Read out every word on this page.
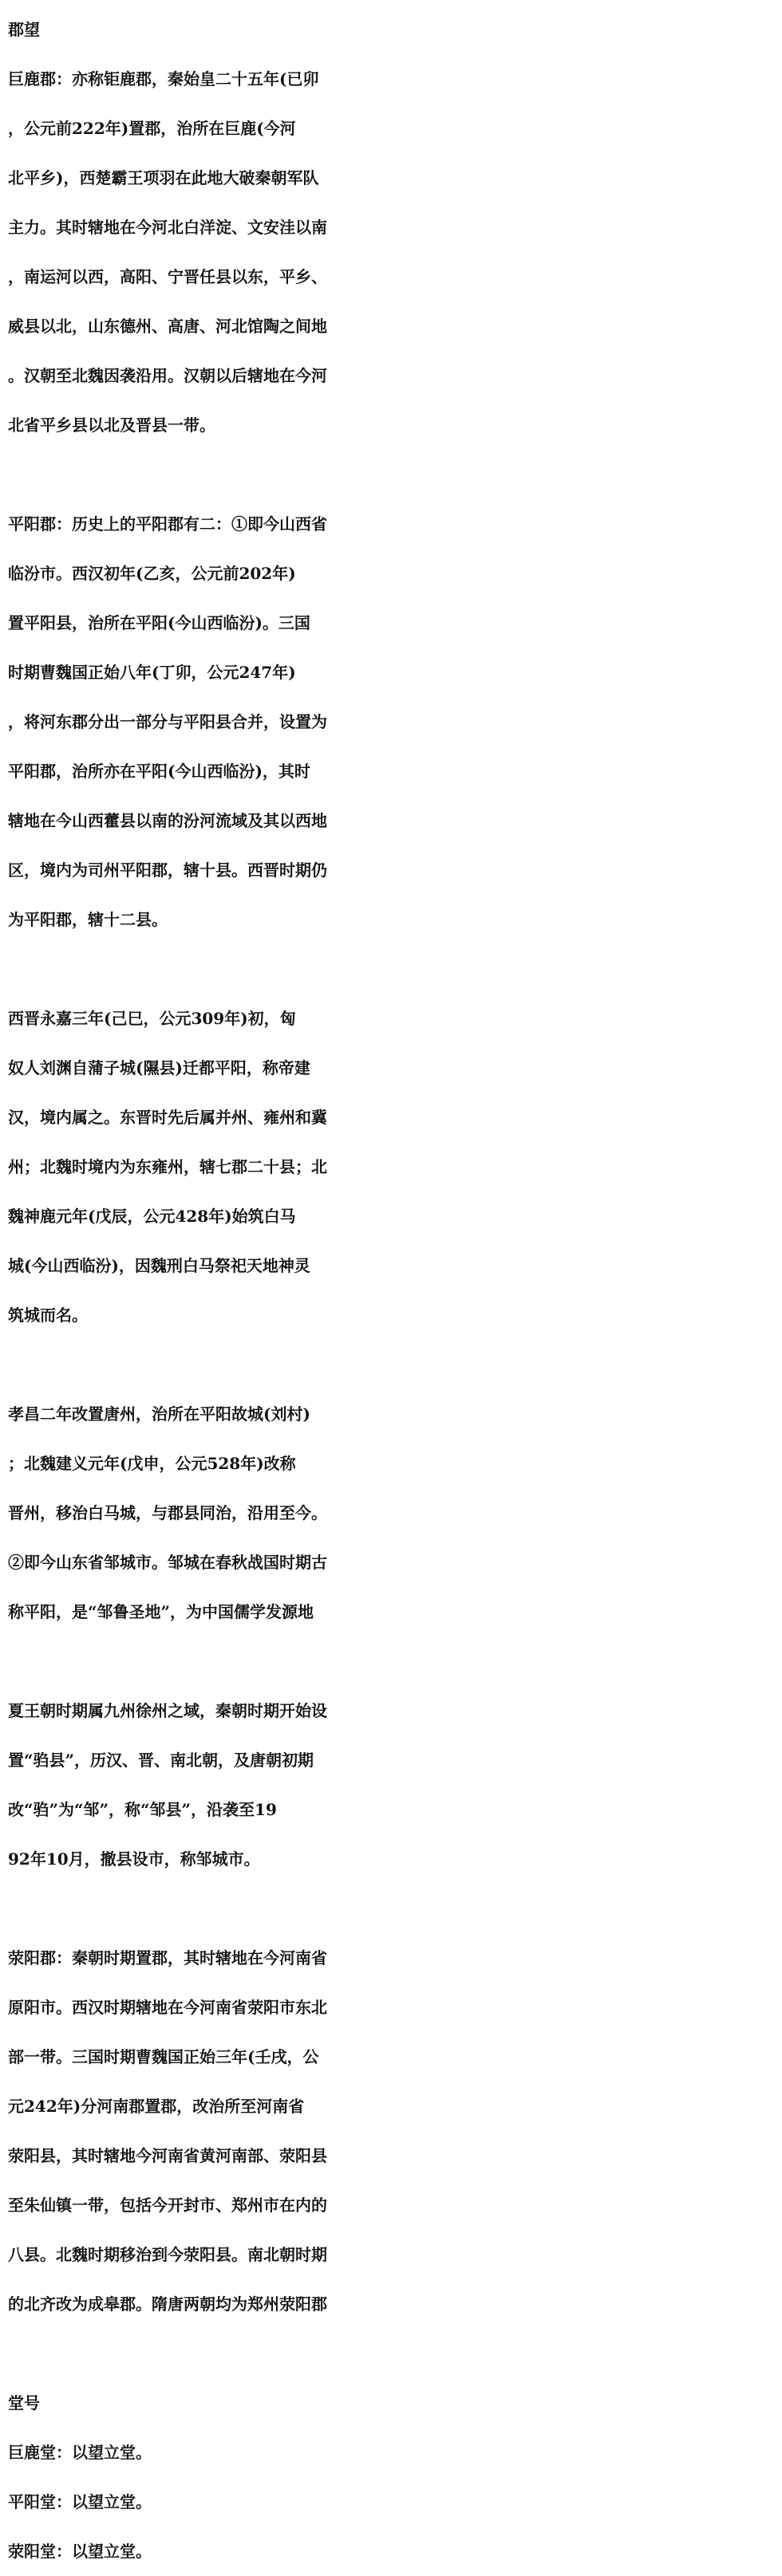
郡望
巨鹿郡：亦称钜鹿郡，秦始皇二十五年(已卯
，公元前222年)置郡，治所在巨鹿(今河
北平乡)，西楚霸王项羽在此地大破秦朝军队
主力。其时辖地在今河北白洋淀、文安洼以南
，南运河以西，高阳、宁晋任县以东，平乡、
威县以北，山东德州、高唐、河北馆陶之间地
。汉朝至北魏因袭沿用。汉朝以后辖地在今河
北省平乡县以北及晋县一带。
平阳郡：历史上的平阳郡有二：①即今山西省
临汾市。西汉初年(乙亥，公元前202年)
置平阳县，治所在平阳(今山西临汾)。三国
时期曹魏国正始八年(丁卯，公元247年)
，将河东郡分出一部分与平阳县合并，设置为
平阳郡，治所亦在平阳(今山西临汾)，其时
辖地在今山西藿县以南的汾河流域及其以西地
区，境内为司州平阳郡，辖十县。西晋时期仍
为平阳郡，辖十二县。
西晋永嘉三年(己巳，公元309年)初，匈
奴人刘渊自蒲子城(隰县)迁都平阳，称帝建
汉，境内属之。东晋时先后属并州、雍州和冀
州；北魏时境内为东雍州，辖七郡二十县；北
魏神鹿元年(戊辰，公元428年)始筑白马
城(今山西临汾)，因魏刑白马祭祀天地神灵
筑城而名。
孝昌二年改置唐州，治所在平阳故城(刘村)
；北魏建义元年(戊申，公元528年)改称
晋州，移治白马城，与郡县同治，沿用至今。
②即今山东省邹城市。邹城在春秋战国时期古
称平阳，是“邹鲁圣地”，为中国儒学发源地
夏王朝时期属九州徐州之域，秦朝时期开始设
置“驺县”，历汉、晋、南北朝，及唐朝初期
改“驺”为“邹”，称“邹县”，沿袭至19
92年10月，撤县设市，称邹城市。
荥阳郡：秦朝时期置郡，其时辖地在今河南省
原阳市。西汉时期辖地在今河南省荥阳市东北
部一带。三国时期曹魏国正始三年(壬戌，公
元242年)分河南郡置郡，改治所至河南省
荥阳县，其时辖地今河南省黄河南部、荥阳县
至朱仙镇一带，包括今开封市、郑州市在内的
八县。北魏时期移治到今荥阳县。南北朝时期
的北齐改为成皋郡。隋唐两朝均为郑州荥阳郡
堂号
巨鹿堂：以望立堂。
平阳堂：以望立堂。
荥阳堂：以望立堂。
